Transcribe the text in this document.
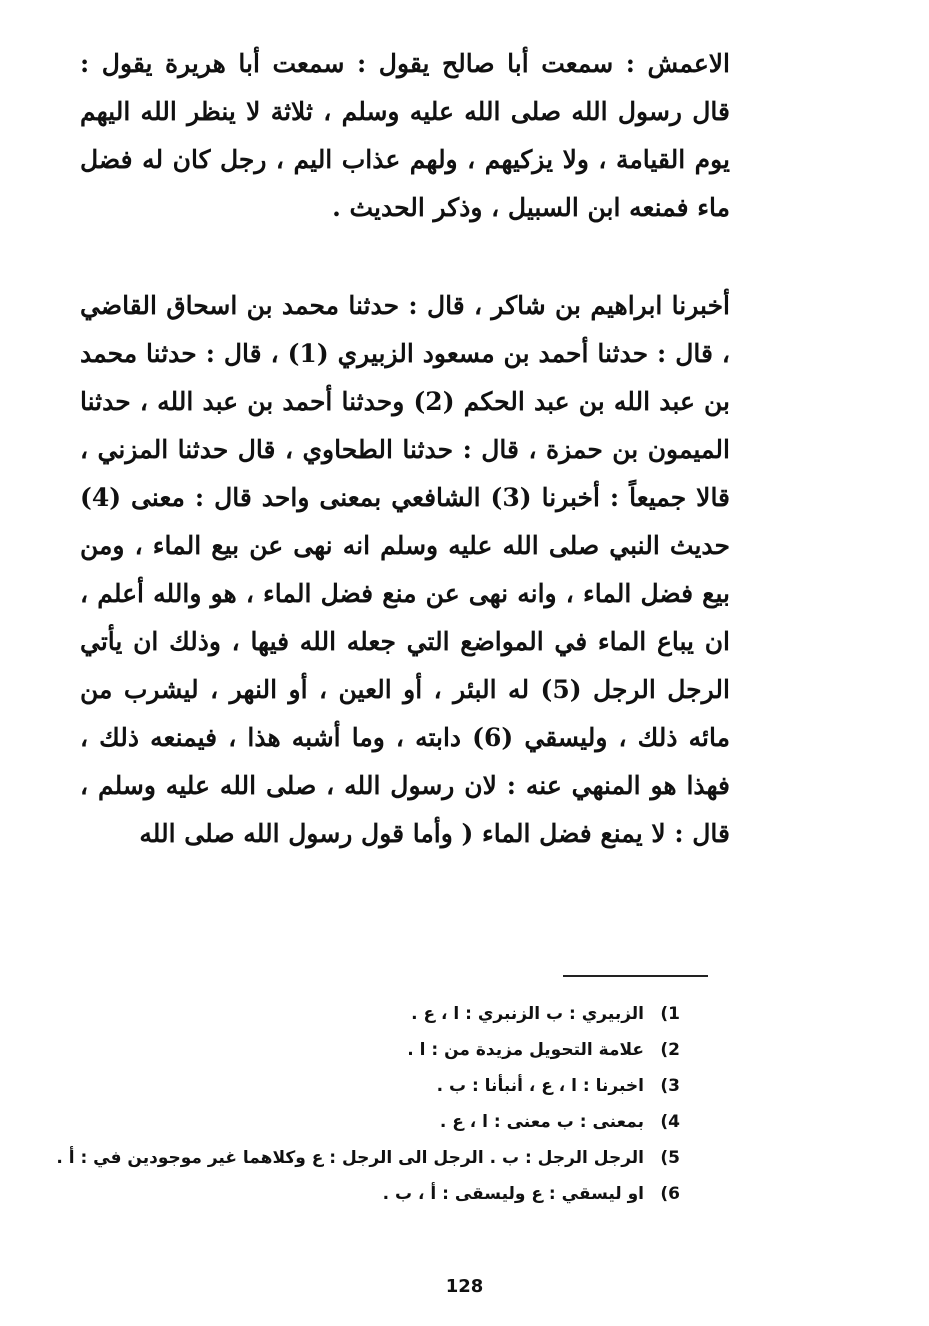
الاعمش : سمعت أبا صالح يقول : سمعت أبا هريرة يقول : قال رسول الله صلى الله عليه وسلم ، ثلاثة لا ينظر الله اليهم يوم القيامة ، ولا يزكيهم ، ولهم عذاب اليم ، رجل كان له فضل ماء فمنعه ابن السبيل ، وذكر الحديث .

أخبرنا ابراهيم بن شاكر ، قال : حدثنا محمد بن اسحاق القاضي ، قال : حدثنا أحمد بن مسعود الزبيري (1) ، قال : حدثنا محمد بن عبد الله بن عبد الحكم (2) وحدثنا أحمد بن عبد الله ، حدثنا الميمون بن حمزة ، قال : حدثنا الطحاوي ، قال حدثنا المزني ، قالا جميعاً : أخبرنا (3) الشافعي بمعنى واحد قال : معنى (4) حديث النبي صلى الله عليه وسلم انه نهى عن بيع الماء ، ومن بيع فضل الماء ، وانه نهى عن منع فضل الماء ، هو والله أعلم ، ان يباع الماء في المواضع التي جعله الله فيها ، وذلك ان يأتي الرجل الرجل (5) له البئر ، أو العين ، أو النهر ، ليشرب من مائه ذلك ، وليسقي (6) دابته ، وما أشبه هذا ، فيمنعه ذلك ، فهذا هو المنهي عنه : لان رسول الله ، صلى الله عليه وسلم ، قال : لا يمنع فضل الماء ( وأما قول رسول الله صلى الله

1)
الزبيري : ب الزنبري : ا ، ع .
2)
علامة التحويل مزيدة من : ا .
3)
اخبرنا : ا ، ع ، أنبأنا : ب .
4)
بمعنى : ب معنى : ا ، ع .
5)
الرجل الرجل : ب . الرجل الى الرجل : ع وكلاهما غير موجودين في : أ .
6)
او ليسقي : ع وليسقى : أ ، ب .
128
